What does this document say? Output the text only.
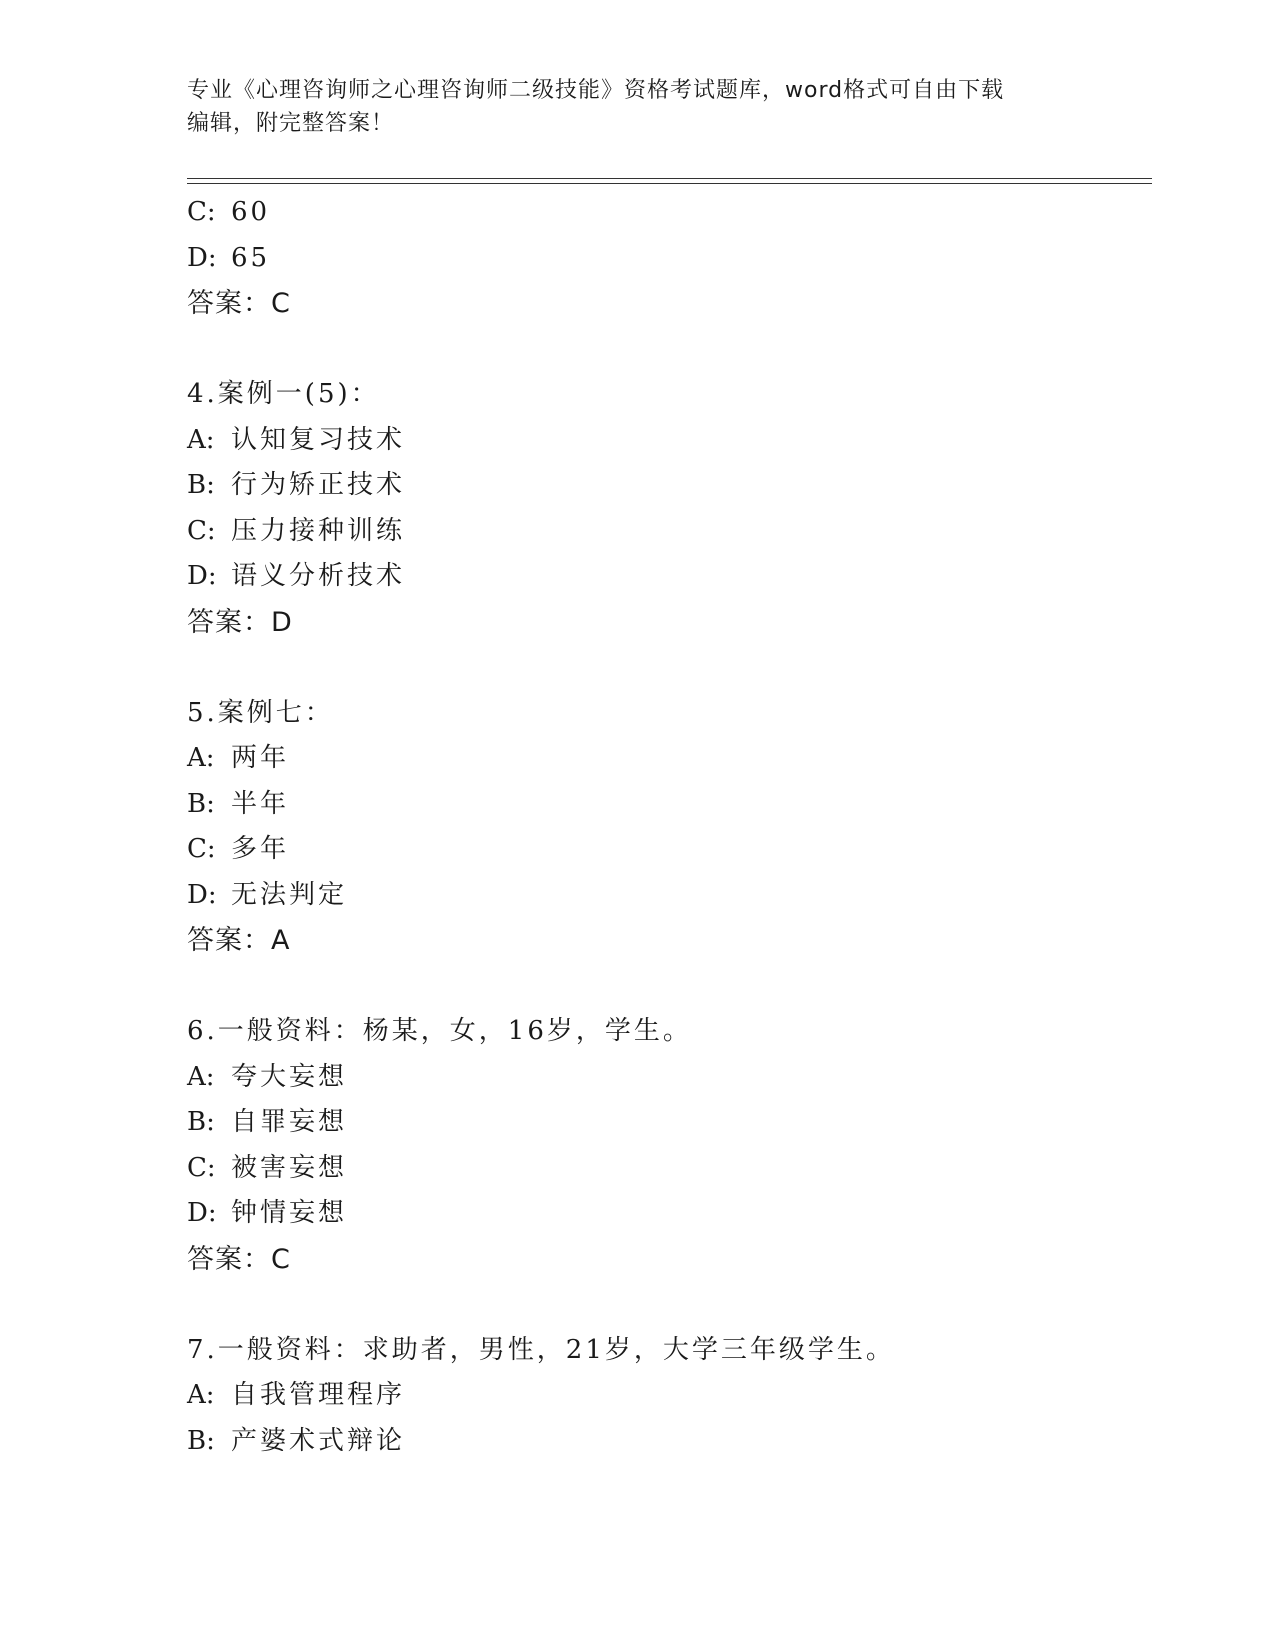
专业《心理咨询师之心理咨询师二级技能》资格考试题库，word格式可自由下载
编辑，附完整答案！
C: 60
D: 65
答案：C
4.案例一(5)：
A: 认知复习技术
B: 行为矫正技术
C: 压力接种训练
D: 语义分析技术
答案：D
5.案例七：
A: 两年
B: 半年
C: 多年
D: 无法判定
答案：A
6.一般资料：杨某，女，16岁，学生。
A: 夸大妄想
B: 自罪妄想
C: 被害妄想
D: 钟情妄想
答案：C
7.一般资料：求助者，男性，21岁，大学三年级学生。
A: 自我管理程序
B: 产婆术式辩论
